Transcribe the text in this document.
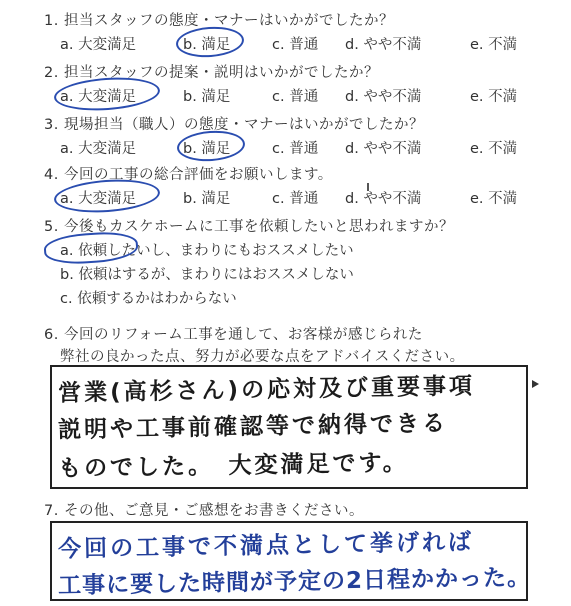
1. 担当スタッフの態度・マナーはいかがでしたか？
a. 大変満足	b. 満足	c. 普通 d. やや不満	e. 不満
2. 担当スタッフの提案・説明はいかがでしたか？
a. 大変満足	b. 満足	c. 普通 d. やや不満	e. 不満
3. 現場担当（職人）の態度・マナーはいかがでしたか？
a. 大変満足	b. 満足	c. 普通 d. やや不満	e. 不満
4. 今回の工事の総合評価をお願いします。
a. 大変満足	b. 満足	c. 普通 d. やや不満	e. 不満
5. 今後もカスケホームに工事を依頼したいと思われますか？
a. 依頼したいし、まわりにもおススメしたい
b. 依頼はするが、まわりにはおススメしない
c. 依頼するかはわからない
6. 今回のリフォーム工事を通して、お客様が感じられた
弊社の良かった点、努力が必要な点をアドバイスください。
営業(高杉さん)の応対及び重要事項
説明や工事前確認等で納得できる
ものでした。　大変満足です。
7. その他、ご意見・ご感想をお書きください。
今回の工事で不満点として挙げれば
工事に要した時間が予定の2日程かかった。
